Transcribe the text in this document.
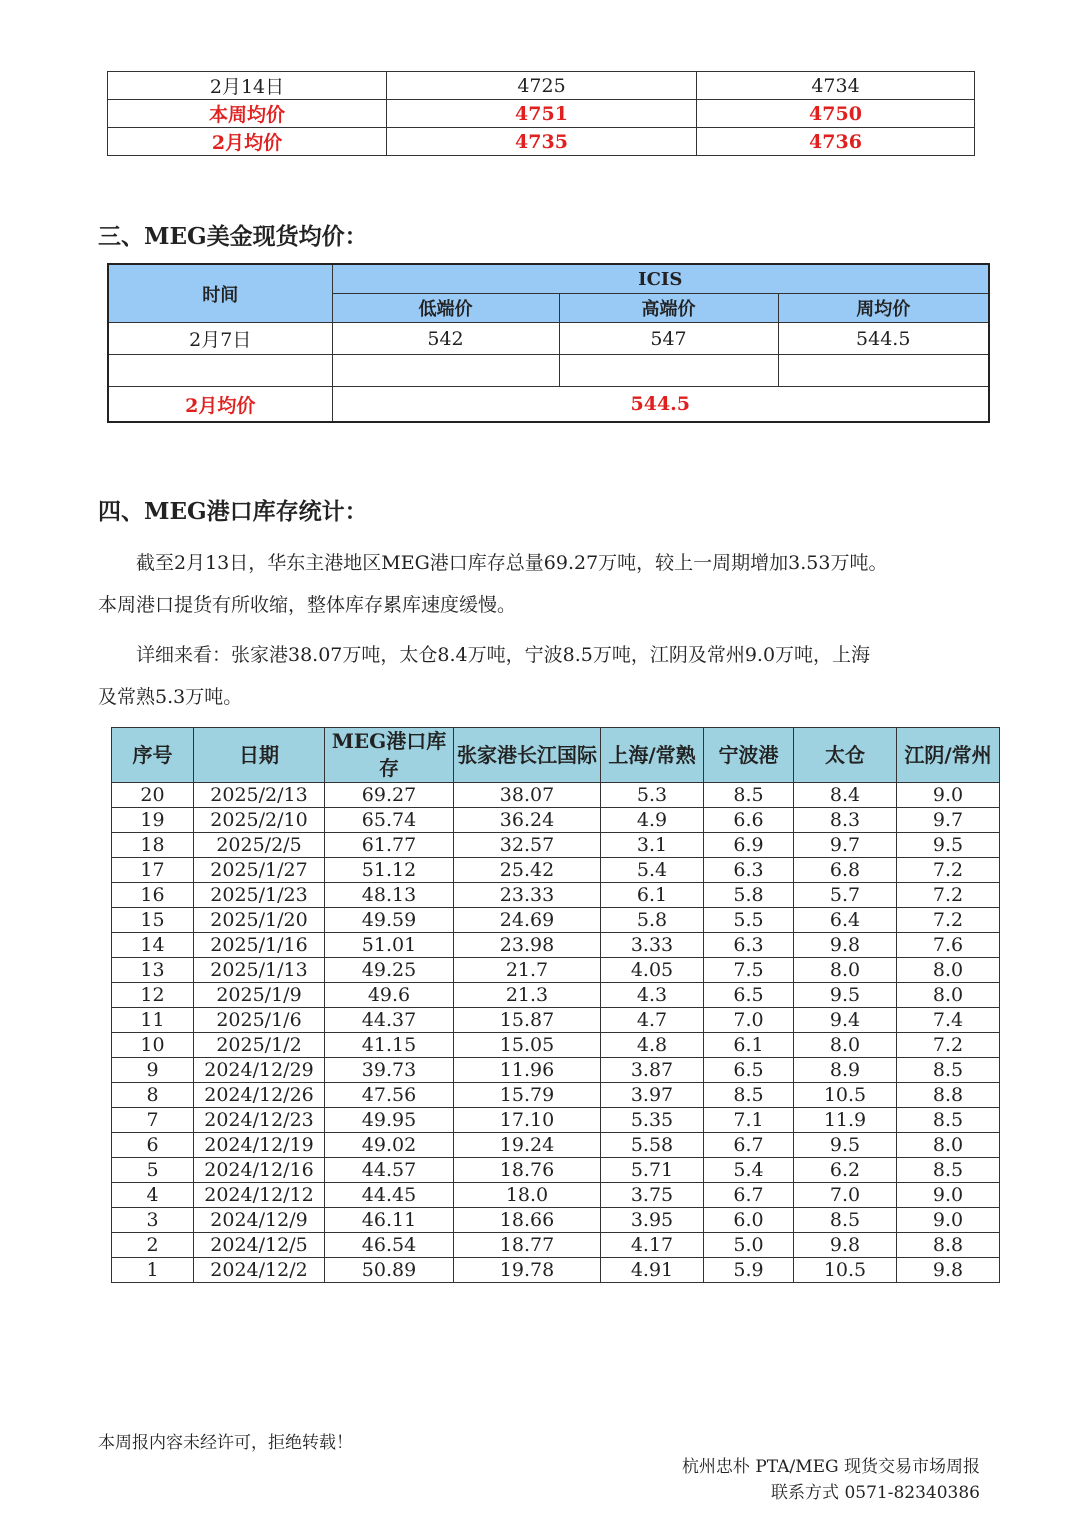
2月14日	4725	4734
本周均价	4751	4750
2月均价	4735	4736
三、MEG美金现货均价：
时间	ICIS		
	低端价	高端价	周均价
2月7日	542	547	544.5

2月均价	544.5		
四、MEG港口库存统计：
截至2月13日，华东主港地区MEG港口库存总量69.27万吨，较上一周期增加3.53万吨。
本周港口提货有所收缩，整体库存累库速度缓慢。
详细来看：张家港38.07万吨，太仓8.4万吨，宁波8.5万吨，江阴及常州9.0万吨，上海
及常熟5.3万吨。
序号	日期	MEG港口库存	张家港长江国际	上海/常熟	宁波港	太仓	江阴/常州
20	2025/2/13	69.27	38.07	5.3	8.5	8.4	9.0
19	2025/2/10	65.74	36.24	4.9	6.6	8.3	9.7
18	2025/2/5	61.77	32.57	3.1	6.9	9.7	9.5
17	2025/1/27	51.12	25.42	5.4	6.3	6.8	7.2
16	2025/1/23	48.13	23.33	6.1	5.8	5.7	7.2
15	2025/1/20	49.59	24.69	5.8	5.5	6.4	7.2
14	2025/1/16	51.01	23.98	3.33	6.3	9.8	7.6
13	2025/1/13	49.25	21.7	4.05	7.5	8.0	8.0
12	2025/1/9	49.6	21.3	4.3	6.5	9.5	8.0
11	2025/1/6	44.37	15.87	4.7	7.0	9.4	7.4
10	2025/1/2	41.15	15.05	4.8	6.1	8.0	7.2
9	2024/12/29	39.73	11.96	3.87	6.5	8.9	8.5
8	2024/12/26	47.56	15.79	3.97	8.5	10.5	8.8
7	2024/12/23	49.95	17.10	5.35	7.1	11.9	8.5
6	2024/12/19	49.02	19.24	5.58	6.7	9.5	8.0
5	2024/12/16	44.57	18.76	5.71	5.4	6.2	8.5
4	2024/12/12	44.45	18.0	3.75	6.7	7.0	9.0
3	2024/12/9	46.11	18.66	3.95	6.0	8.5	9.0
2	2024/12/5	46.54	18.77	4.17	5.0	9.8	8.8
1	2024/12/2	50.89	19.78	4.91	5.9	10.5	9.8
本周报内容未经许可，拒绝转载！
杭州忠朴 PTA/MEG 现货交易市场周报
联系方式 0571-82340386
